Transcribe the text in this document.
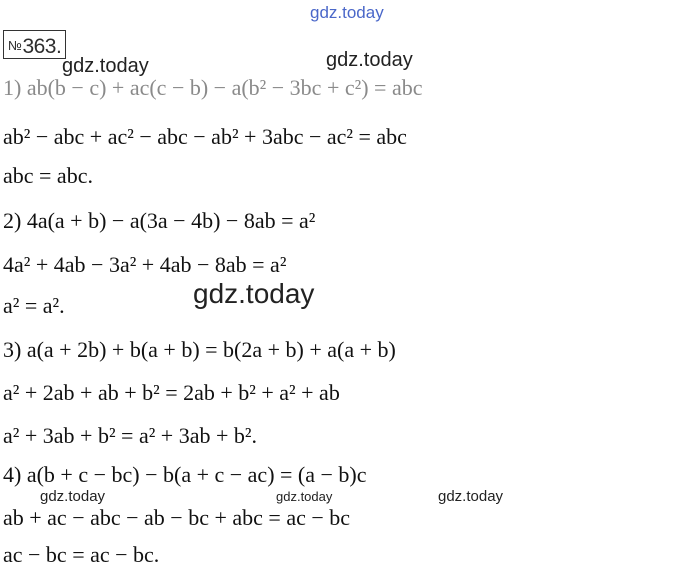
gdz.today
№363.
gdz.today	gdz.today
1) ab(b − c) + ac(c − b) − a(b² − 3bc + c²) = abc
ab² − abc + ac² − abc − ab² + 3abc − ac² = abc
abc = abc.
2) 4a(a + b) − a(3a − 4b) − 8ab = a²
4a² + 4ab − 3a² + 4ab − 8ab = a²
a² = a².	gdz.today
3) a(a + 2b) + b(a + b) = b(2a + b) + a(a + b)
a² + 2ab + ab + b² = 2ab + b² + a² + ab
a² + 3ab + b² = a² + 3ab + b².
4) a(b + c − bc) − b(a + c − ac) = (a − b)c
gdz.today	gdz.today	gdz.today
ab + ac − abc − ab − bc + abc = ac − bc
ac − bc = ac − bc.
